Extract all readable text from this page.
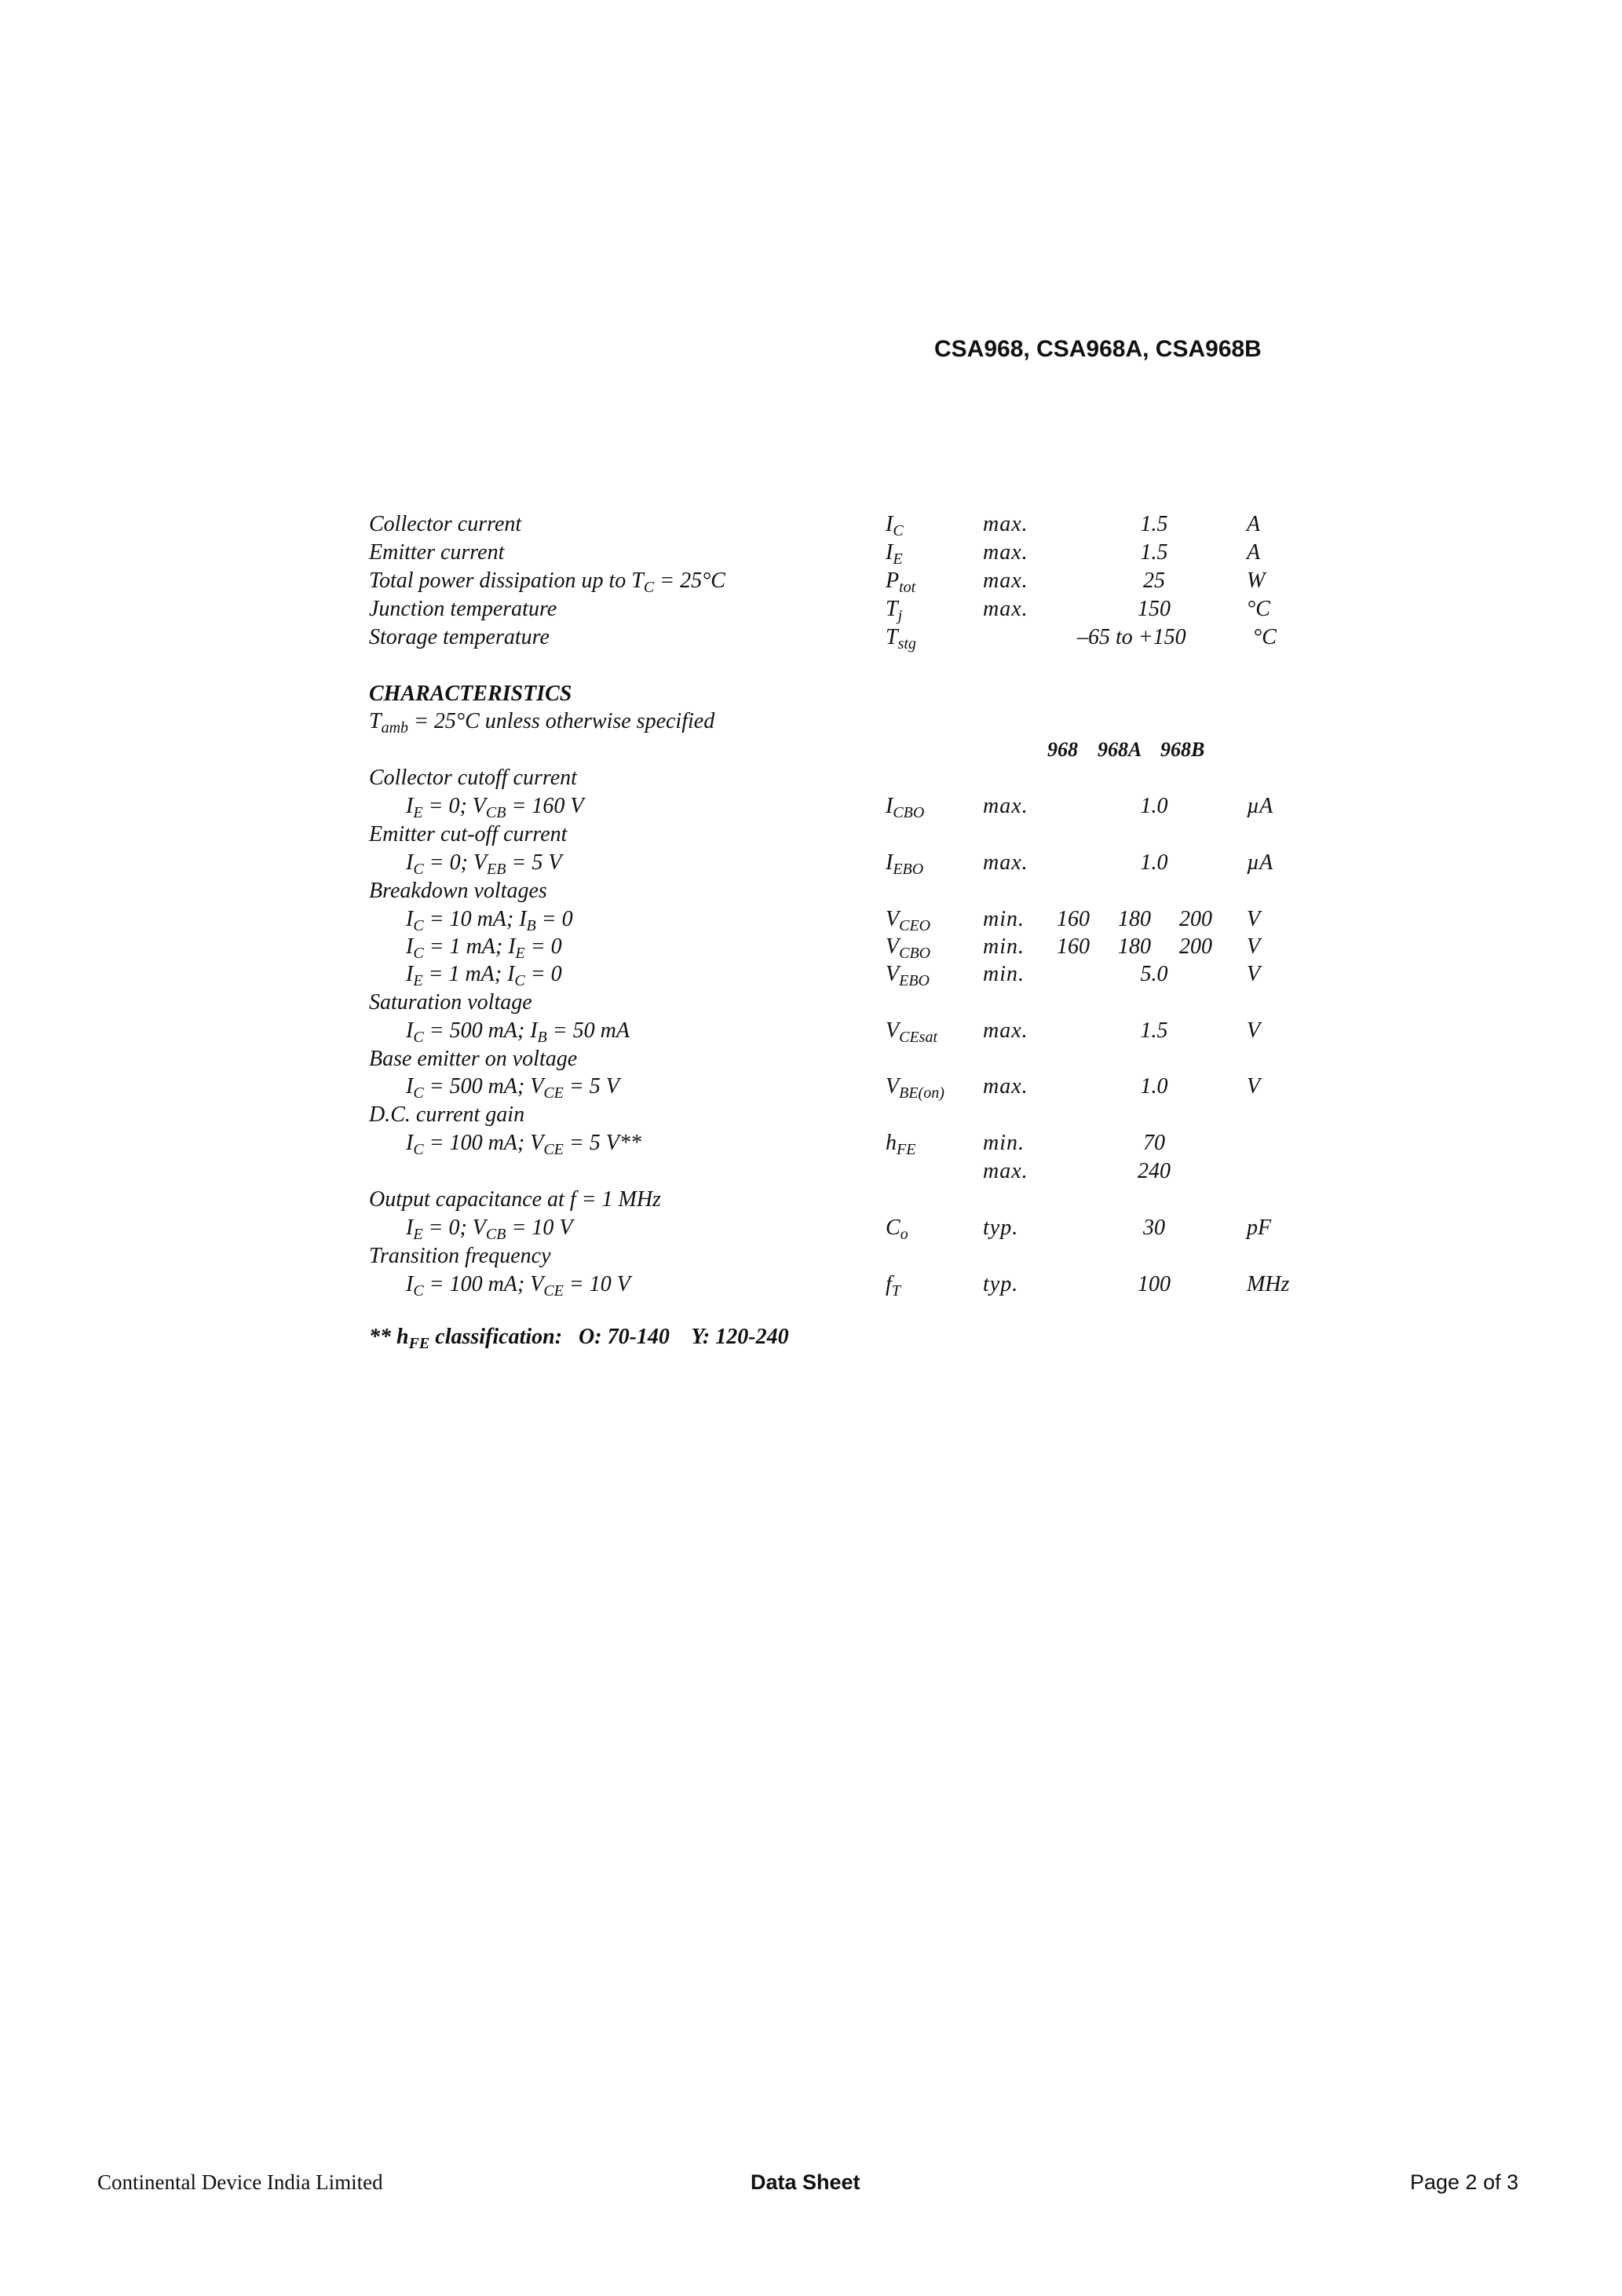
CSA968, CSA968A, CSA968B
Collector current	$I_C$	max.	1.5	A
Emitter current	$I_E$	max.	1.5	A
Total power dissipation up to $T_C = 25^\circ C$	$P_{tot}$	max.	25	W
Junction temperature	$T_j$	max.	150	°C
Storage temperature	$T_{stg}$	–65 to +150	°C
CHARACTERISTICS
$T_{amb} = 25^\circ C$ unless otherwise specified
968 968A 968B
Collector cutoff current
$I_E = 0$; $V_{CB} = 160$ V	$I_{CBO}$	max.	1.0	µA
Emitter cut-off current
$I_C = 0$; $V_{EB} = 5$ V	$I_{EBO}$	max.	1.0	µA
Breakdown voltages
$I_C = 10$ mA; $I_B = 0$	$V_{CEO}$ min. 160 180 200 V
$I_C = 1$ mA; $I_E = 0$	$V_{CBO}$ min. 160 180 200 V
$I_E = 1$ mA; $I_C = 0$	$V_{EBO}$ min.	5.0	V
Saturation voltage
$I_C = 500$ mA; $I_B = 50$ mA	$V_{CEsat}$ max.	1.5	V
Base emitter on voltage
$I_C = 500$ mA; $V_{CE} = 5$ V	$V_{BE(on)}$ max.	1.0	V
D.C. current gain
$I_C = 100$ mA; $V_{CE} = 5$ V**	$h_{FE}$	min.	70
max.	240
Output capacitance at f = 1 MHz
$I_E = 0$; $V_{CB} = 10$ V	$C_o$	typ.	30	pF
Transition frequency
$I_C = 100$ mA; $V_{CE} = 10$ V	$f_T$	typ.	100	MHz
** $h_{FE}$ classification:   O: 70-140    Y: 120-240
Continental Device India Limited	Data Sheet	Page 2 of 3
